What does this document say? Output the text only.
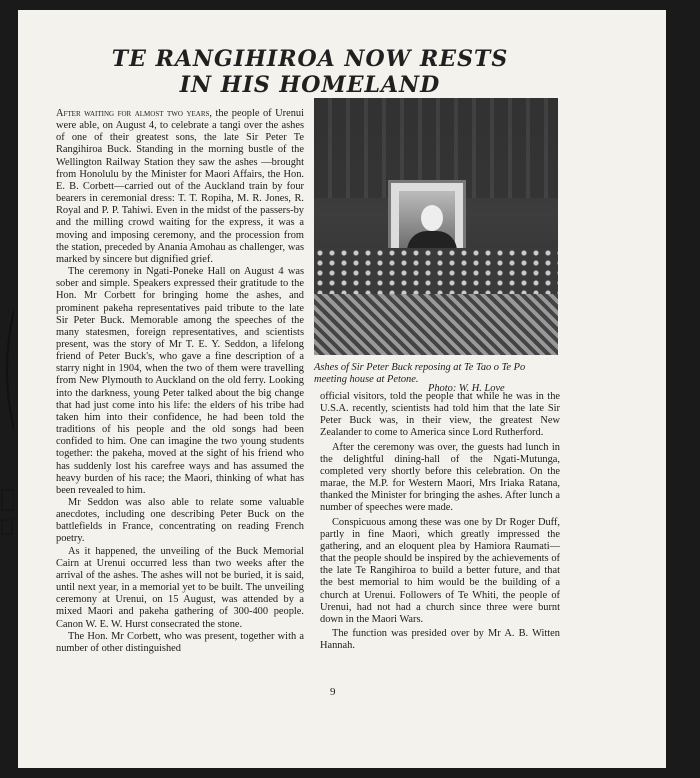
TE RANGIHIROA NOW RESTS
IN HIS HOMELAND

After waiting for almost two years, the people of Urenui were able, on August 4, to celebrate a tangi over the ashes of one of their greatest sons, the late Sir Peter Te Rangihiroa Buck. Standing in the morning bustle of the Wellington Railway Station they saw the ashes —brought from Honolulu by the Minister for Maori Affairs, the Hon. E. B. Corbett—carried out of the Auckland train by four bearers in ceremonial dress: T. T. Ropiha, M. R. Jones, R. Royal and P. P. Tahiwi. Even in the midst of the passers-by and the milling crowd waiting for the express, it was a moving and imposing ceremony, and the procession from the station, preceded by Anania Amohau as challenger, was marked by sincere but dignified grief.

The ceremony in Ngati-Poneke Hall on August 4 was sober and simple. Speakers expressed their gratitude to the Hon. Mr Corbett for bringing home the ashes, and prominent pakeha representatives paid tribute to the late Sir Peter Buck. Memorable among the speeches of the many statesmen, foreign representatives, and scientists present, was the story of Mr T. E. Y. Seddon, a lifelong friend of Peter Buck's, who gave a fine description of a starry night in 1904, when the two of them were travelling from New Plymouth to Auckland on the old ferry. Looking into the darkness, young Peter talked about the big change that had just come into his life: the elders of his tribe had taken him into their confidence, he had been told the traditions of his people and the old songs had been confided to him. One can imagine the two young students together: the pakeha, moved at the sight of his friend who has suddenly lost his carefree ways and has assumed the heavy burden of his race; the Maori, thinking of what has been revealed to him.

Mr Seddon was also able to relate some valuable anecdotes, including one describing Peter Buck on the battlefields in France, concentrating on reading French poetry.

As it happened, the unveiling of the Buck Memorial Cairn at Urenui occurred less than two weeks after the arrival of the ashes. The ashes will not be buried, it is said, until next year, in a memorial yet to be built. The unveiling ceremony at Urenui, on 15 August, was attended by a mixed Maori and pakeha gathering of 300-400 people. Canon W. E. W. Hurst consecrated the stone.

The Hon. Mr Corbett, who was present, together with a number of other distinguished

Ashes of Sir Peter Buck reposing at Te Tao o Te Po meeting house at Petone.
Photo: W. H. Love

official visitors, told the people that while he was in the U.S.A. recently, scientists had told him that the late Sir Peter Buck was, in their view, the greatest New Zealander to come to America since Lord Rutherford.

After the ceremony was over, the guests had lunch in the delightful dining-hall of the Ngati-Mutunga, completed very shortly before this celebration. On the marae, the M.P. for Western Maori, Mrs Iriaka Ratana, thanked the Minister for bringing the ashes. After lunch a number of speeches were made.

Conspicuous among these was one by Dr Roger Duff, partly in fine Maori, which greatly impressed the gathering, and an eloquent plea by Hamiora Raumati—that the people should be inspired by the achievements of the late Te Rangihiroa to build a better future, and that the best memorial to him would be the building of a church at Urenui. Followers of Te Whiti, the people of Urenui, had not had a church since three were burnt down in the Maori Wars.

The function was presided over by Mr A. B. Witten Hannah.

9
